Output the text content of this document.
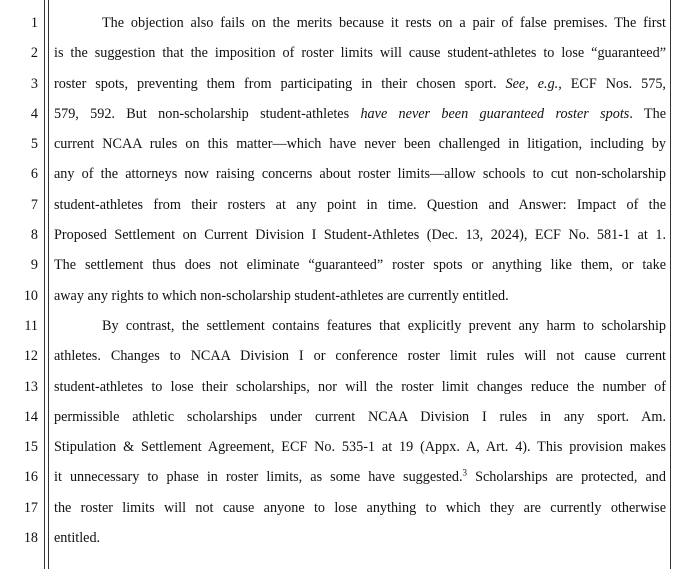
1
2
3
4
5
6
7
8
9
10
11
12
13
14
15
16
17
18
The objection also fails on the merits because it rests on a pair of false premises. The first
is the suggestion that the imposition of roster limits will cause student-athletes to lose “guaranteed”
roster spots, preventing them from participating in their chosen sport. See, e.g., ECF Nos. 575,
579, 592. But non-scholarship student-athletes have never been guaranteed roster spots. The
current NCAA rules on this matter—which have never been challenged in litigation, including by
any of the attorneys now raising concerns about roster limits—allow schools to cut non-scholarship
student-athletes from their rosters at any point in time. Question and Answer: Impact of the
Proposed Settlement on Current Division I Student-Athletes (Dec. 13, 2024), ECF No. 581-1 at 1.
The settlement thus does not eliminate “guaranteed” roster spots or anything like them, or take
away any rights to which non-scholarship student-athletes are currently entitled.
By contrast, the settlement contains features that explicitly prevent any harm to scholarship
athletes. Changes to NCAA Division I or conference roster limit rules will not cause current
student-athletes to lose their scholarships, nor will the roster limit changes reduce the number of
permissible athletic scholarships under current NCAA Division I rules in any sport. Am.
Stipulation & Settlement Agreement, ECF No. 535-1 at 19 (Appx. A, Art. 4). This provision makes
it unnecessary to phase in roster limits, as some have suggested.$^3$ Scholarships are protected, and
the roster limits will not cause anyone to lose anything to which they are currently otherwise
entitled.
